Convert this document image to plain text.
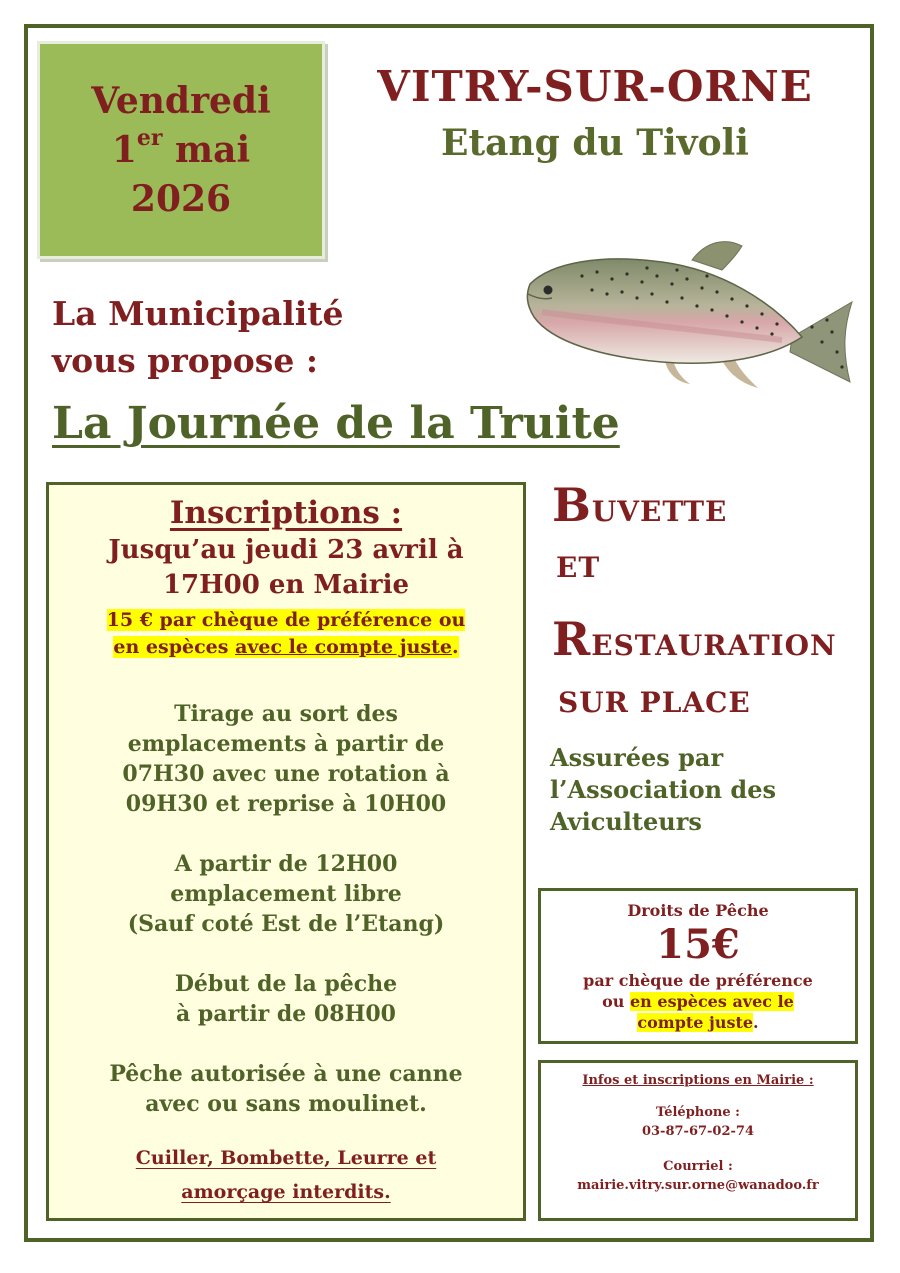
Vendredi
1er mai
2026
VITRY-SUR-ORNE
Etang du Tivoli
La Municipalité
vous propose :
La Journée de la Truite
Inscriptions :
Jusqu’au jeudi 23 avril à
17H00 en Mairie
15 € par chèque de préférence ou
en espèces avec le compte juste.
Tirage au sort des
emplacements à partir de
07H30 avec une rotation à
09H30 et reprise à 10H00
A partir de 12H00
emplacement libre
(Sauf coté Est de l’Etang)
Début de la pêche
à partir de 08H00
Pêche autorisée à une canne
avec ou sans moulinet.
Cuiller, Bombette, Leurre et
amorçage interdits.
BUVETTE
ET
RESTAURATION
SUR PLACE
Assurées par
l’Association des
Aviculteurs
Droits de Pêche
15€
par chèque de préférence
ou en espèces avec le
compte juste.
Infos et inscriptions en Mairie :
Téléphone :
03-87-67-02-74
Courriel :
mairie.vitry.sur.orne@wanadoo.fr
